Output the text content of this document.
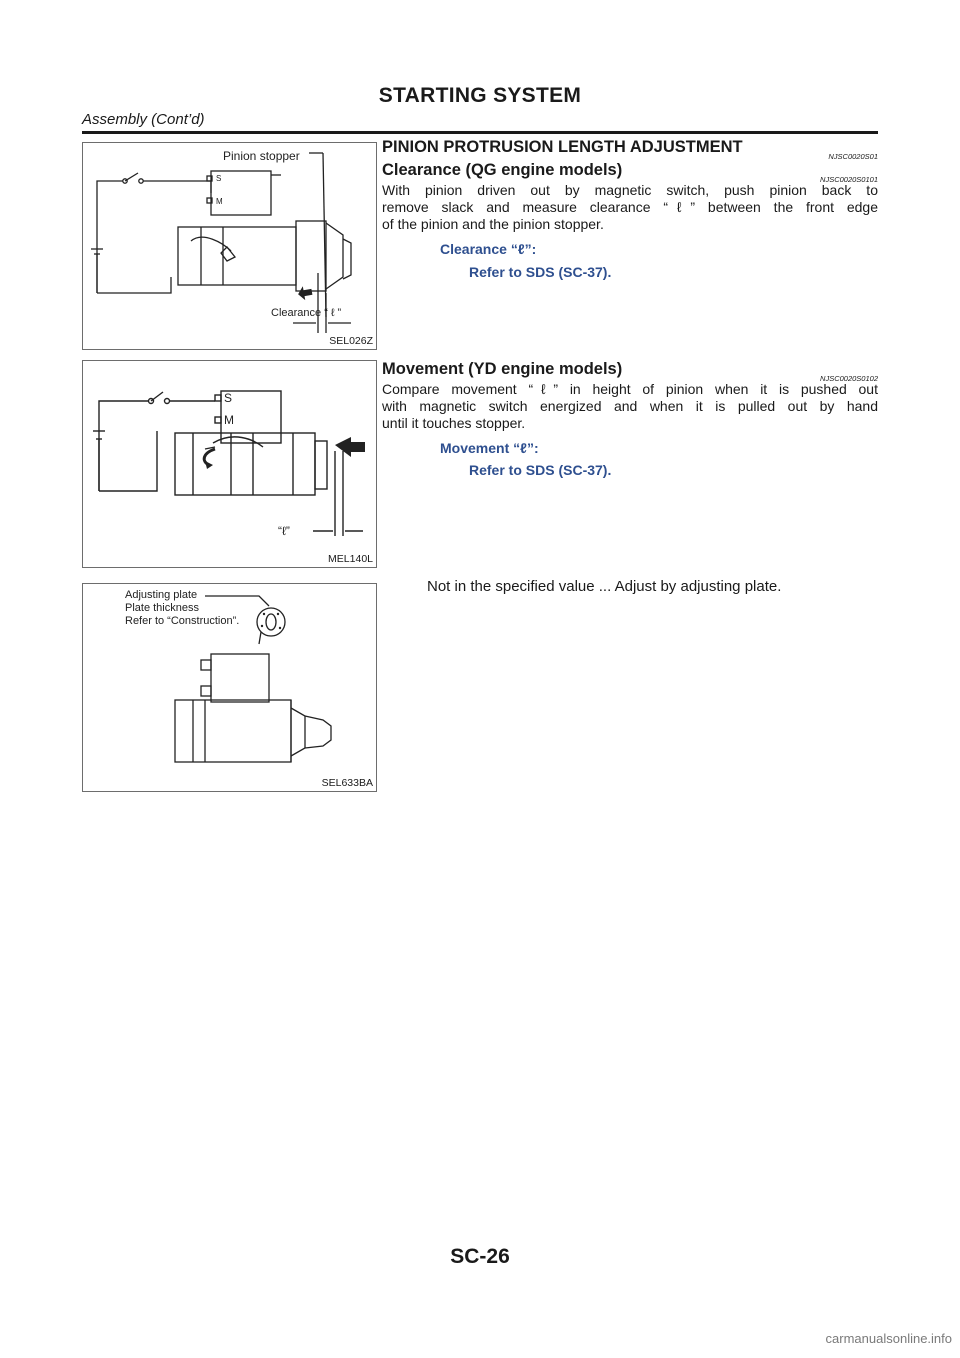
STARTING SYSTEM
Assembly (Cont’d)
Pinion stopper
S
M
Clearance “ ℓ ”
SEL026Z
S
M
“ℓ”
MEL140L
Adjusting plate
Plate thickness
Refer to “Construction”.
SEL633BA
PINION PROTRUSION LENGTH ADJUSTMENT
NJSC0020S01
Clearance (QG engine models)
NJSC0020S0101
With pinion driven out by magnetic switch, push pinion back to
remove slack and measure clearance “ℓ” between the front edge
of the pinion and the pinion stopper.
Clearance “ℓ”:
Refer to SDS (SC-37).
Movement (YD engine models)
NJSC0020S0102
Compare movement “ℓ” in height of pinion when it is pushed out
with magnetic switch energized and when it is pulled out by hand
until it touches stopper.
Movement “ℓ”:
Refer to SDS (SC-37).
Not in the specified value ... Adjust by adjusting plate.
SC-26
carmanualsonline.info
